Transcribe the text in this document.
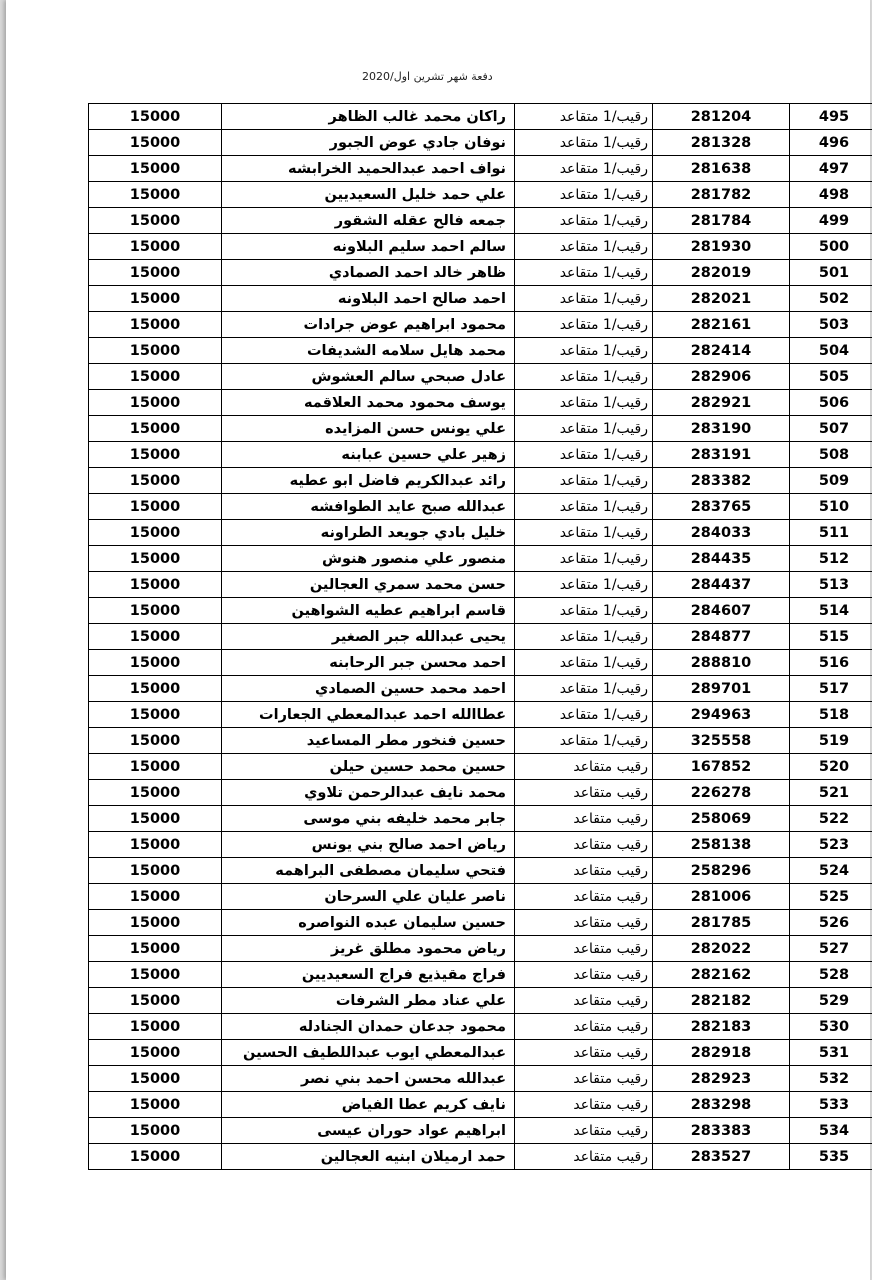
دفعة شهر تشرين اول/2020
15000	راكان محمد غالب الظاهر	رقيب/1 متقاعد	281204	495
15000	نوفان جادي عوض الجبور	رقيب/1 متقاعد	281328	496
15000	نواف احمد عبدالحميد الخرابشه	رقيب/1 متقاعد	281638	497
15000	علي حمد خليل السعيديين	رقيب/1 متقاعد	281782	498
15000	جمعه فالح عقله الشقور	رقيب/1 متقاعد	281784	499
15000	سالم احمد سليم البلاونه	رقيب/1 متقاعد	281930	500
15000	ظاهر خالد احمد الصمادي	رقيب/1 متقاعد	282019	501
15000	احمد صالح احمد البلاونه	رقيب/1 متقاعد	282021	502
15000	محمود ابراهيم عوض جرادات	رقيب/1 متقاعد	282161	503
15000	محمد هايل سلامه الشديفات	رقيب/1 متقاعد	282414	504
15000	عادل صبحي سالم العشوش	رقيب/1 متقاعد	282906	505
15000	يوسف محمود محمد العلاقمه	رقيب/1 متقاعد	282921	506
15000	علي يونس حسن المزايده	رقيب/1 متقاعد	283190	507
15000	زهير علي حسين عبابنه	رقيب/1 متقاعد	283191	508
15000	رائد عبدالكريم فاضل ابو عطيه	رقيب/1 متقاعد	283382	509
15000	عبدالله صبح عايد الطوافشه	رقيب/1 متقاعد	283765	510
15000	خليل بادي جويعد الطراونه	رقيب/1 متقاعد	284033	511
15000	منصور علي منصور هنوش	رقيب/1 متقاعد	284435	512
15000	حسن محمد سمري العجالين	رقيب/1 متقاعد	284437	513
15000	قاسم ابراهيم عطيه الشواهين	رقيب/1 متقاعد	284607	514
15000	يحيى عبدالله جبر الصغير	رقيب/1 متقاعد	284877	515
15000	احمد محسن جبر الرحابنه	رقيب/1 متقاعد	288810	516
15000	احمد محمد حسين الصمادي	رقيب/1 متقاعد	289701	517
15000	عطاالله احمد عبدالمعطي الجعارات	رقيب/1 متقاعد	294963	518
15000	حسين فنخور مطر المساعيد	رقيب/1 متقاعد	325558	519
15000	حسين محمد حسين حيلن	رقيب متقاعد	167852	520
15000	محمد نايف عبدالرحمن تلاوي	رقيب متقاعد	226278	521
15000	جابر محمد خليفه بني موسى	رقيب متقاعد	258069	522
15000	رياض احمد صالح بني يونس	رقيب متقاعد	258138	523
15000	فتحي سليمان مصطفى البراهمه	رقيب متقاعد	258296	524
15000	ناصر عليان علي السرحان	رقيب متقاعد	281006	525
15000	حسين سليمان عبده النواصره	رقيب متقاعد	281785	526
15000	رياض محمود مطلق غريز	رقيب متقاعد	282022	527
15000	فراج مقيذيع فراج السعيديين	رقيب متقاعد	282162	528
15000	علي عناد مطر الشرفات	رقيب متقاعد	282182	529
15000	محمود جدعان حمدان الجنادله	رقيب متقاعد	282183	530
15000	عبدالمعطي ايوب عبداللطيف الحسين	رقيب متقاعد	282918	531
15000	عبدالله محسن احمد بني نصر	رقيب متقاعد	282923	532
15000	نايف كريم عطا الفياض	رقيب متقاعد	283298	533
15000	ابراهيم عواد حوران عيسى	رقيب متقاعد	283383	534
15000	حمد ارميلان ابنيه العجالين	رقيب متقاعد	283527	535
